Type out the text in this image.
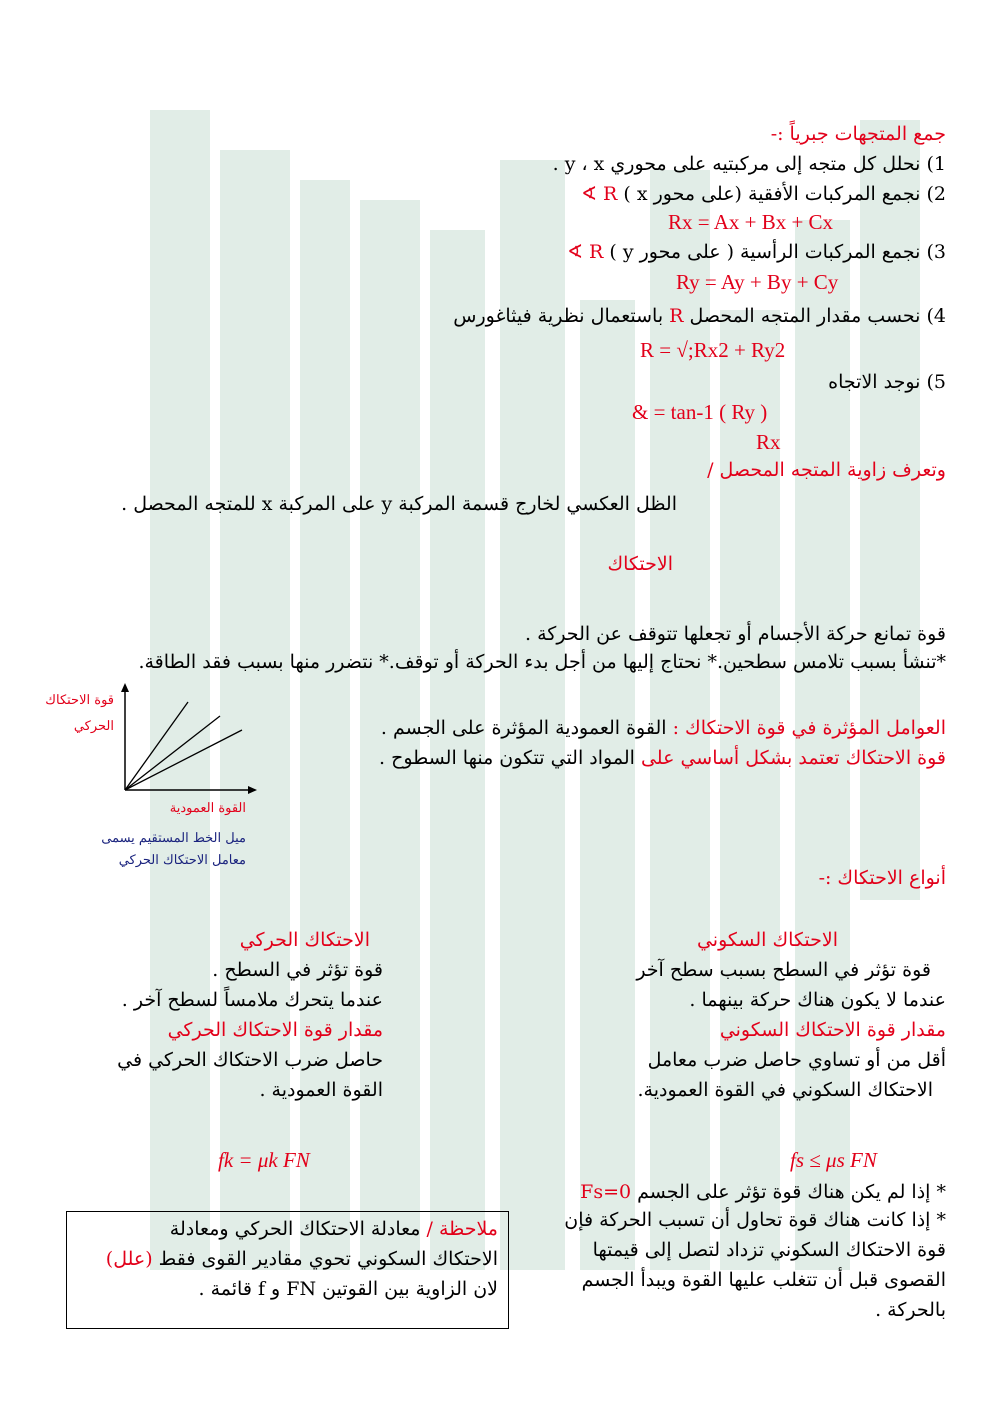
جمع المتجهات جبرياً :-
1) نحلل كل متجه إلى مركبتيه على محوري y ، x .
2) نجمع المركبات الأفقية (على محور x ) R ∢
Rx = Ax + Bx + Cx
3) نجمع المركبات الرأسية ( على محور y ) R ∢
Ry = Ay + By + Cy
4) نحسب مقدار المتجه المحصل R باستعمال نظرية فيثاغورس
R = √;Rx2 + Ry2
5) نوجد الاتجاه
& = tan-1 ( Ry )
Rx
وتعرف زاوية المتجه المحصل /
الظل العكسي لخارج قسمة المركبة y على المركبة x للمتجه المحصل .
الاحتكاك
قوة تمانع حركة الأجسام أو تجعلها تتوقف عن الحركة .
*تنشأ بسبب تلامس سطحين.* نحتاج إليها من أجل بدء الحركة أو توقف.* نتضرر منها بسبب فقد الطاقة.
العوامل المؤثرة في قوة الاحتكاك : القوة العمودية المؤثرة على الجسم .
قوة الاحتكاك تعتمد بشكل أساسي على المواد التي تتكون منها السطوح .
قوة الاحتكاك
الحركي
القوة العمودية
ميل الخط المستقيم يسمى
معامل الاحتكاك الحركي
أنواع الاحتكاك :-
الاحتكاك السكوني
قوة تؤثر في السطح بسبب سطح آخر
عندما لا يكون هناك حركة بينهما .
مقدار قوة الاحتكاك السكوني
أقل من أو تساوي حاصل ضرب معامل
الاحتكاك السكوني في القوة العمودية.
fs ≤ μs FN
* إذا لم يكن هناك قوة تؤثر على الجسم Fs=0
* إذا كانت هناك قوة تحاول أن تسبب الحركة فإن
قوة الاحتكاك السكوني تزداد لتصل إلى قيمتها
القصوى قبل أن تتغلب عليها القوة ويبدأ الجسم
بالحركة .
الاحتكاك الحركي
قوة تؤثر في السطح .
عندما يتحرك ملامساً لسطح آخر .
مقدار قوة الاحتكاك الحركي
حاصل ضرب الاحتكاك الحركي في
القوة العمودية .
fk = μk FN
ملاحظة / معادلة الاحتكاك الحركي ومعادلة
الاحتكاك السكوني تحوي مقادير القوى فقط (علل)
لان الزاوية بين القوتين FN و f قائمة .
